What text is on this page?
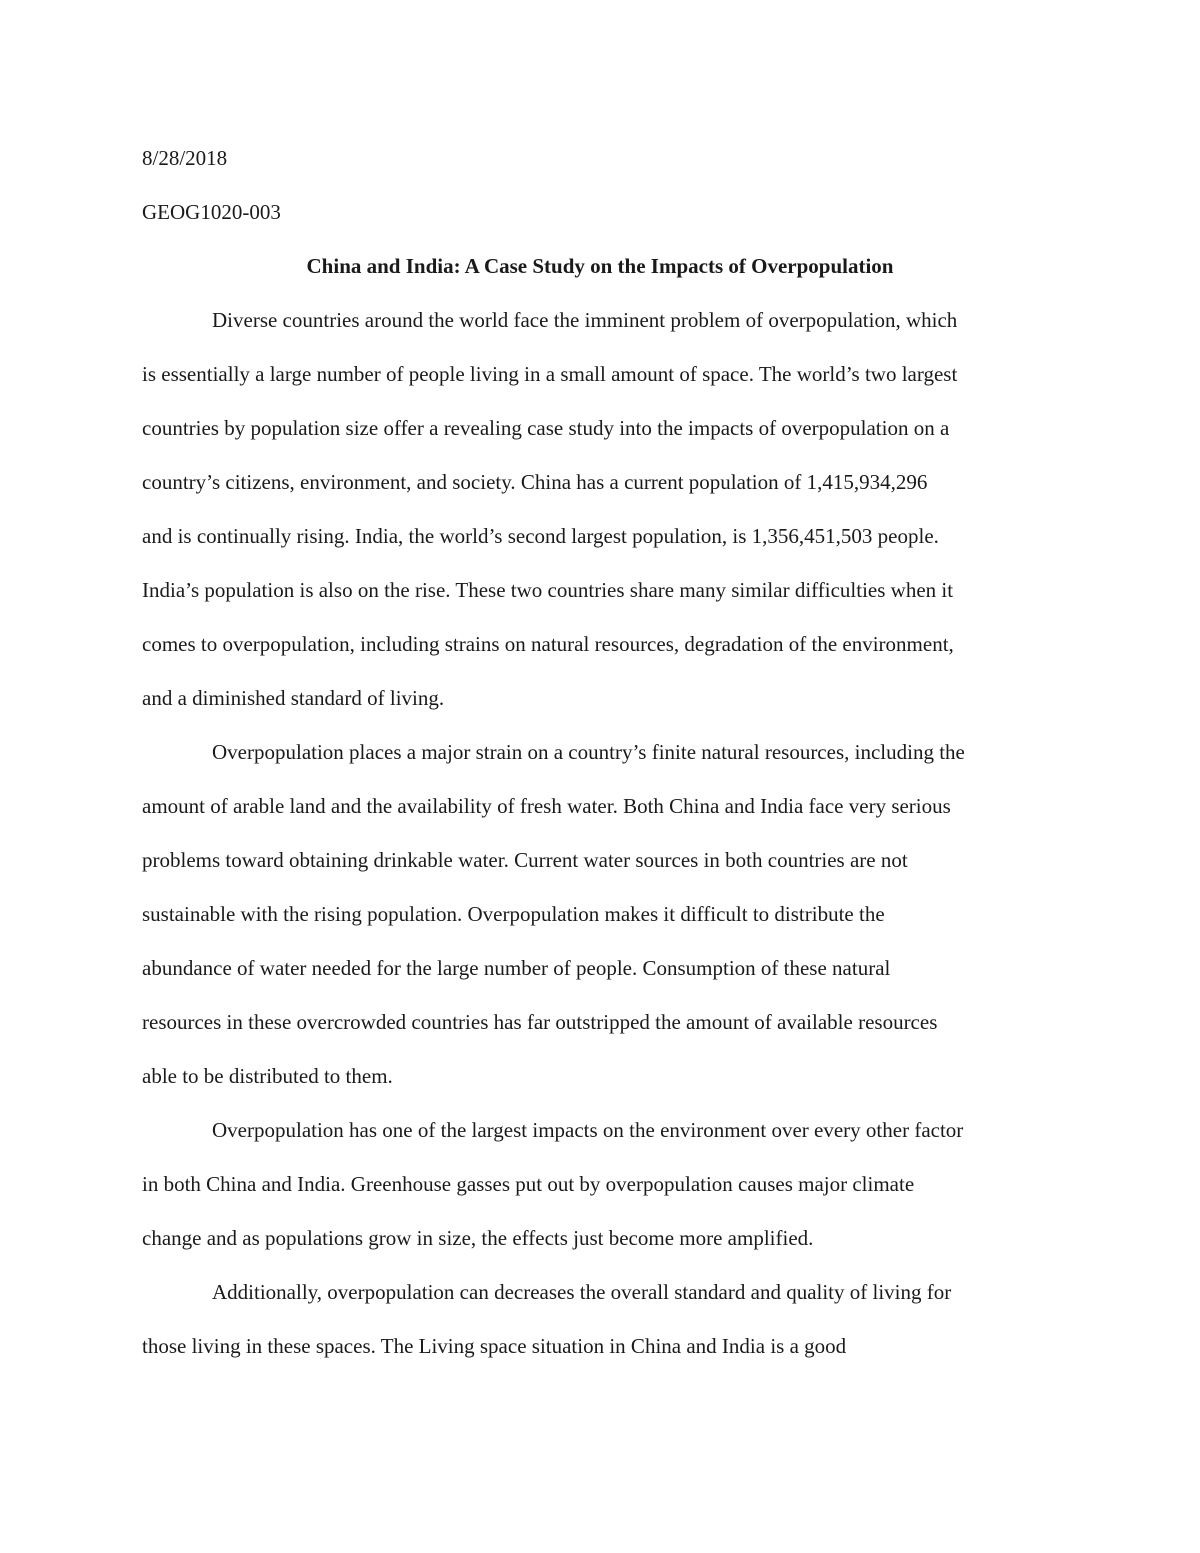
8/28/2018
GEOG1020-003
China and India: A Case Study on the Impacts of Overpopulation
Diverse countries around the world face the imminent problem of overpopulation, which
is essentially a large number of people living in a small amount of space. The world’s two largest
countries by population size offer a revealing case study into the impacts of overpopulation on a
country’s citizens, environment, and society. China has a current population of 1,415,934,296
and is continually rising. India, the world’s second largest population, is 1,356,451,503 people.
India’s population is also on the rise. These two countries share many similar difficulties when it
comes to overpopulation, including strains on natural resources, degradation of the environment,
and a diminished standard of living.
Overpopulation places a major strain on a country’s finite natural resources, including the
amount of arable land and the availability of fresh water. Both China and India face very serious
problems toward obtaining drinkable water. Current water sources in both countries are not
sustainable with the rising population. Overpopulation makes it difficult to distribute the
abundance of water needed for the large number of people. Consumption of these natural
resources in these overcrowded countries has far outstripped the amount of available resources
able to be distributed to them.
Overpopulation has one of the largest impacts on the environment over every other factor
in both China and India. Greenhouse gasses put out by overpopulation causes major climate
change and as populations grow in size, the effects just become more amplified.
Additionally, overpopulation can decreases the overall standard and quality of living for
those living in these spaces. The Living space situation in China and India is a good
